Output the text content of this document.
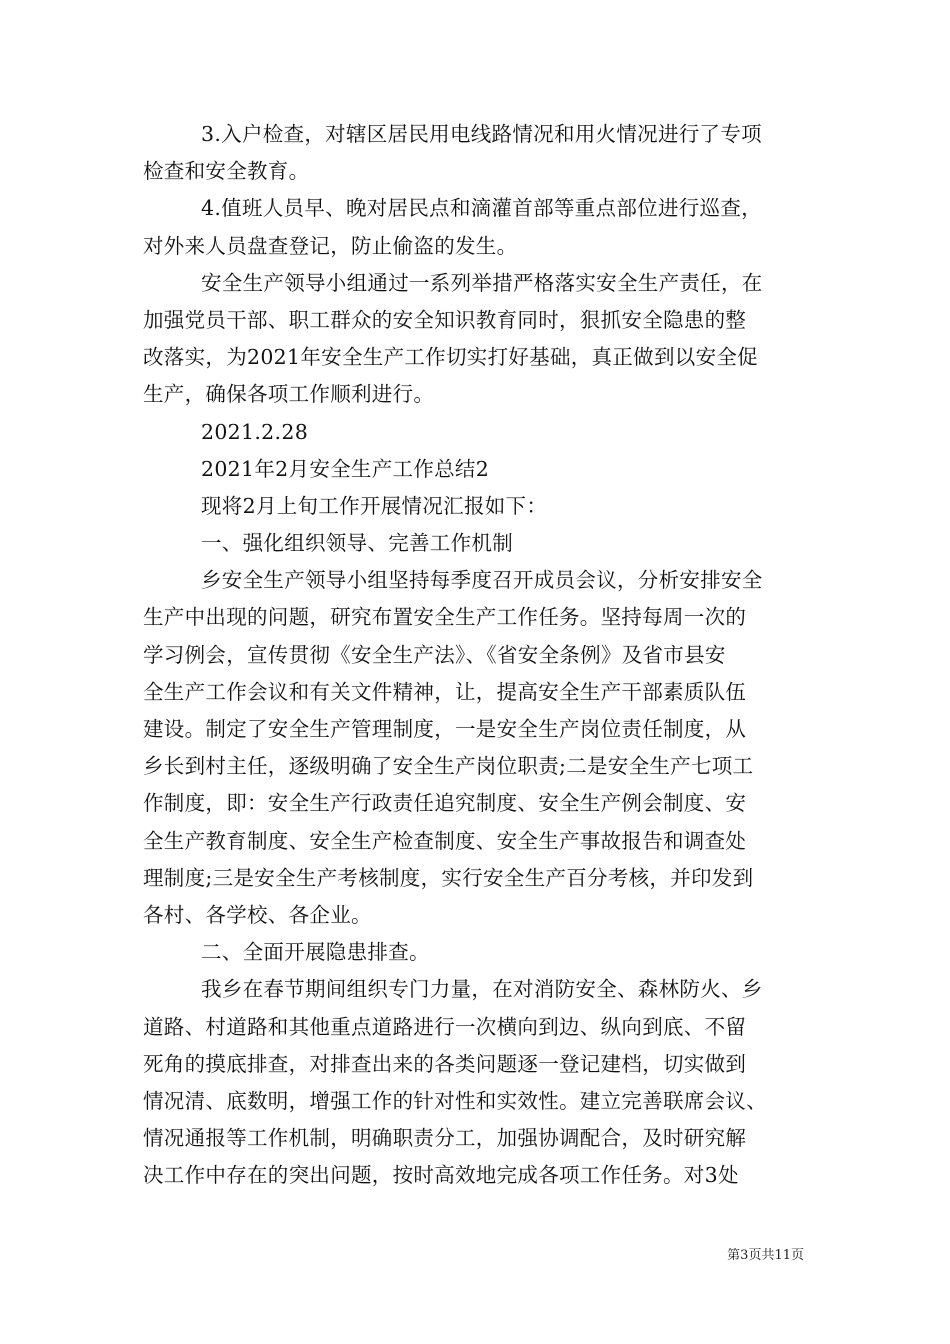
3.入户检查，对辖区居民用电线路情况和用火情况进行了专项
检查和安全教育。
4.值班人员早、晚对居民点和滴灌首部等重点部位进行巡查，
对外来人员盘查登记，防止偷盗的发生。
安全生产领导小组通过一系列举措严格落实安全生产责任，在
加强党员干部、职工群众的安全知识教育同时，狠抓安全隐患的整
改落实，为2021年安全生产工作切实打好基础，真正做到以安全促
生产，确保各项工作顺利进行。
2021.2.28
2021年2月安全生产工作总结2
现将2月上旬工作开展情况汇报如下：
一、强化组织领导、完善工作机制
乡安全生产领导小组坚持每季度召开成员会议，分析安排安全
生产中出现的问题，研究布置安全生产工作任务。坚持每周一次的
学习例会，宣传贯彻《安全生产法》、《省安全条例》及省市县安
全生产工作会议和有关文件精神，让，提高安全生产干部素质队伍
建设。制定了安全生产管理制度，一是安全生产岗位责任制度，从
乡长到村主任，逐级明确了安全生产岗位职责;二是安全生产七项工
作制度，即：安全生产行政责任追究制度、安全生产例会制度、安
全生产教育制度、安全生产检查制度、安全生产事故报告和调查处
理制度;三是安全生产考核制度，实行安全生产百分考核，并印发到
各村、各学校、各企业。
二、全面开展隐患排查。
我乡在春节期间组织专门力量，在对消防安全、森林防火、乡
道路、村道路和其他重点道路进行一次横向到边、纵向到底、不留
死角的摸底排查，对排查出来的各类问题逐一登记建档，切实做到
情况清、底数明，增强工作的针对性和实效性。建立完善联席会议、
情况通报等工作机制，明确职责分工，加强协调配合，及时研究解
决工作中存在的突出问题，按时高效地完成各项工作任务。对3处
第3页共11页
